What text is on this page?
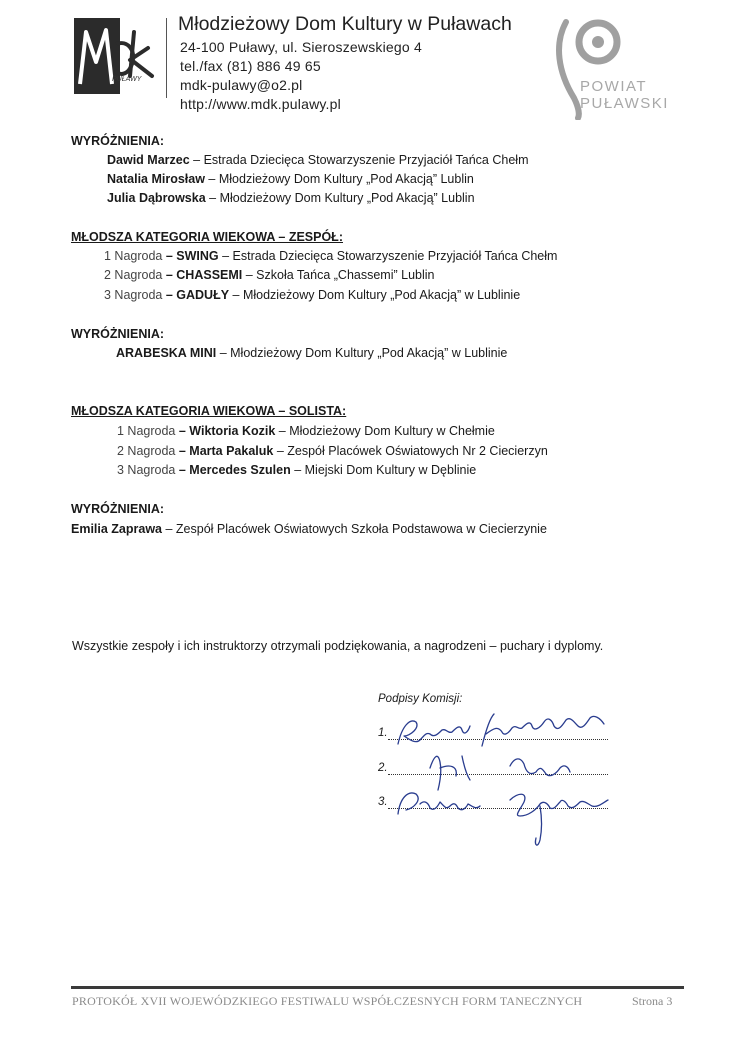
PUŁAWY
Młodzieżowy Dom Kultury w Puławach
24-100 Puławy, ul. Sieroszewskiego 4
tel./fax (81) 886 49 65
mdk-pulawy@o2.pl
http://www.mdk.pulawy.pl
POWIAT
PUŁAWSKI
WYRÓŻNIENIA:
Dawid Marzec – Estrada Dziecięca Stowarzyszenie Przyjaciół Tańca Chełm
Natalia Mirosław – Młodzieżowy Dom Kultury „Pod Akacją” Lublin
Julia Dąbrowska – Młodzieżowy Dom Kultury „Pod Akacją” Lublin
MŁODSZA KATEGORIA WIEKOWA – ZESPÓŁ:
1 Nagroda – SWING – Estrada Dziecięca Stowarzyszenie Przyjaciół Tańca Chełm
2 Nagroda – CHASSEMI – Szkoła Tańca „Chassemi” Lublin
3 Nagroda – GADUŁY – Młodzieżowy Dom Kultury „Pod Akacją” w Lublinie
WYRÓŻNIENIA:
ARABESKA MINI – Młodzieżowy Dom Kultury „Pod Akacją” w Lublinie
MŁODSZA KATEGORIA WIEKOWA – SOLISTA:
1 Nagroda – Wiktoria Kozik – Młodzieżowy Dom Kultury w Chełmie
2 Nagroda – Marta Pakaluk – Zespół Placówek Oświatowych Nr 2 Ciecierzyn
3 Nagroda – Mercedes Szulen – Miejski Dom Kultury w Dęblinie
WYRÓŻNIENIA:
Emilia Zaprawa – Zespół Placówek Oświatowych Szkoła Podstawowa w Ciecierzynie
Wszystkie zespoły i ich instruktorzy otrzymali podziękowania, a nagrodzeni – puchary i dyplomy.
Podpisy Komisji:
1.
2.
3.
PROTOKÓŁ XVII WOJEWÓDZKIEGO FESTIWALU WSPÓŁCZESNYCH FORM TANECZNYCH	Strona 3
